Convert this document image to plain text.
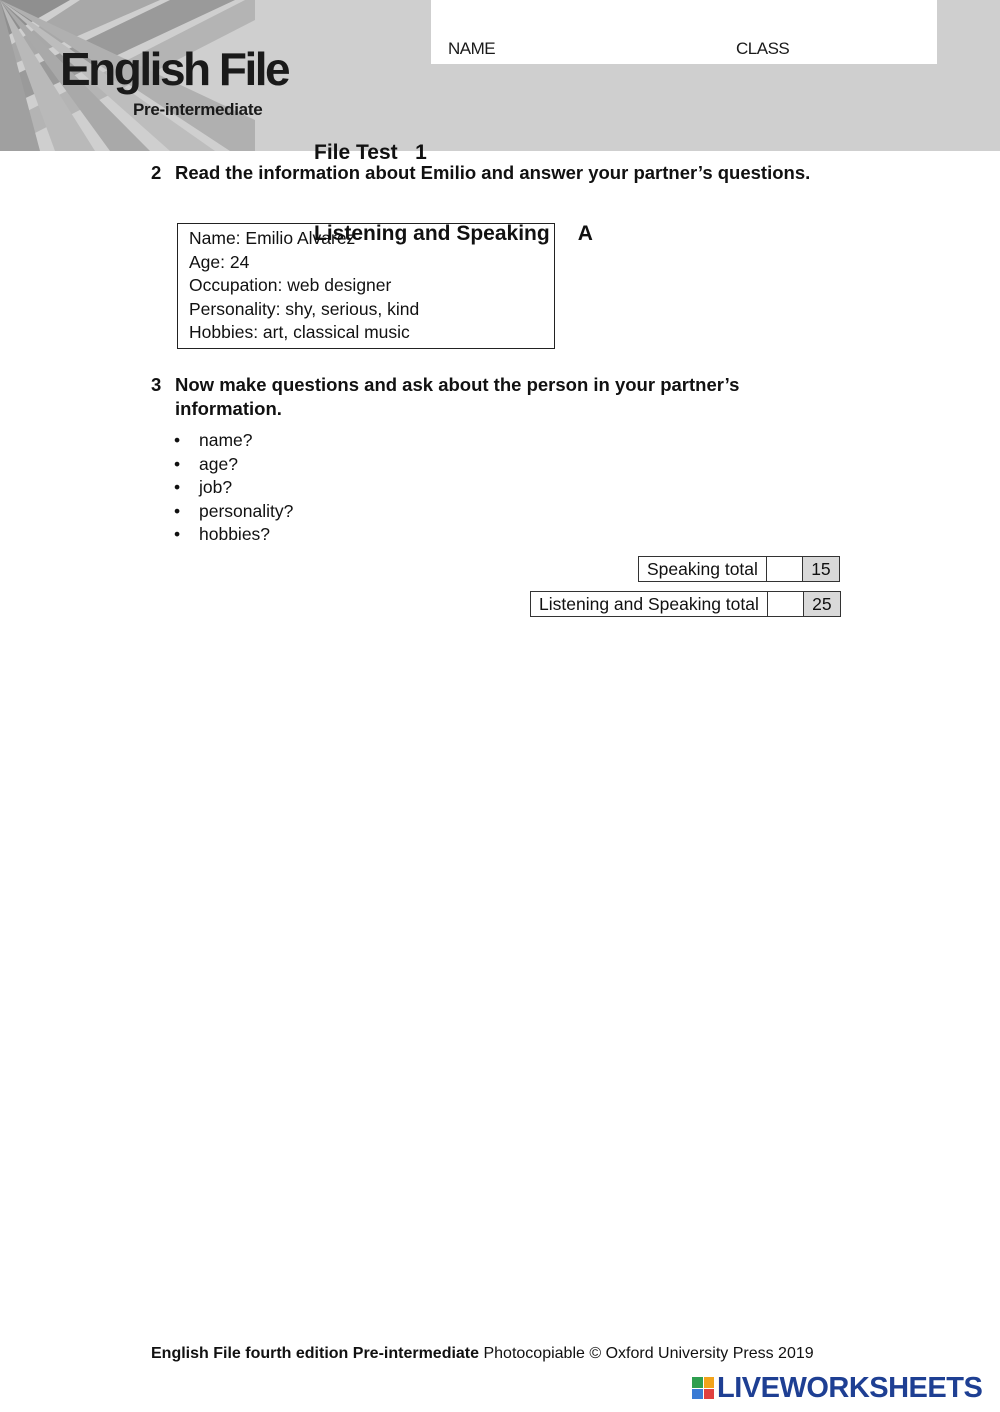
English File
Pre-intermediate
NAME	CLASS

File Test   1

Listening and Speaking A

2 Read the information about Emilio and answer your partner’s questions.
Name: Emilio Alvarez
Age: 24
Occupation: web designer
Personality: shy, serious, kind
Hobbies: art, classical music
3 Now make questions and ask about the person in your partner’s information.
• name?
• age?
• job?
• personality?
• hobbies?
Speaking total	15
Listening and Speaking total	25
English File fourth edition Pre-intermediate Photocopiable © Oxford University Press 2019
LIVEWORKSHEETS
